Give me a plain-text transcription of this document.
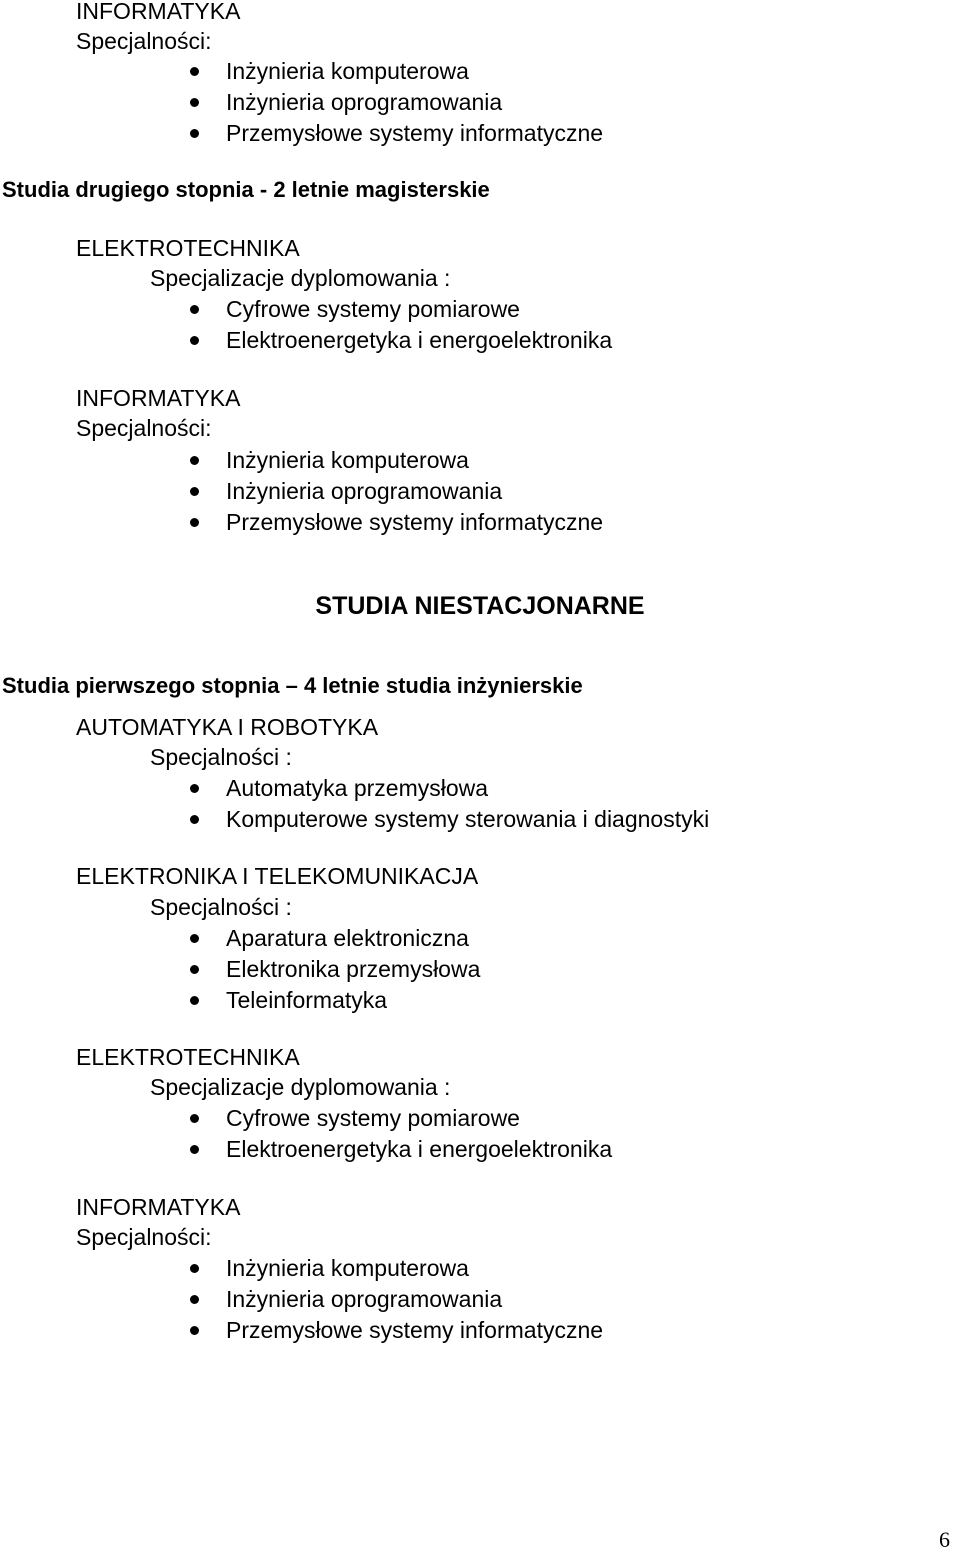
INFORMATYKA
Specjalności:
Inżynieria komputerowa
Inżynieria oprogramowania
Przemysłowe systemy informatyczne
Studia drugiego stopnia - 2 letnie magisterskie
ELEKTROTECHNIKA
Specjalizacje dyplomowania :
Cyfrowe systemy pomiarowe
Elektroenergetyka i energoelektronika
INFORMATYKA
Specjalności:
Inżynieria komputerowa
Inżynieria oprogramowania
Przemysłowe systemy informatyczne
STUDIA NIESTACJONARNE
Studia pierwszego stopnia – 4 letnie studia inżynierskie
AUTOMATYKA I ROBOTYKA
Specjalności :
Automatyka przemysłowa
Komputerowe systemy sterowania i diagnostyki
ELEKTRONIKA I TELEKOMUNIKACJA
Specjalności :
Aparatura elektroniczna
Elektronika przemysłowa
Teleinformatyka
ELEKTROTECHNIKA
Specjalizacje dyplomowania :
Cyfrowe systemy pomiarowe
Elektroenergetyka i energoelektronika
INFORMATYKA
Specjalności:
Inżynieria komputerowa
Inżynieria oprogramowania
Przemysłowe systemy informatyczne
6
